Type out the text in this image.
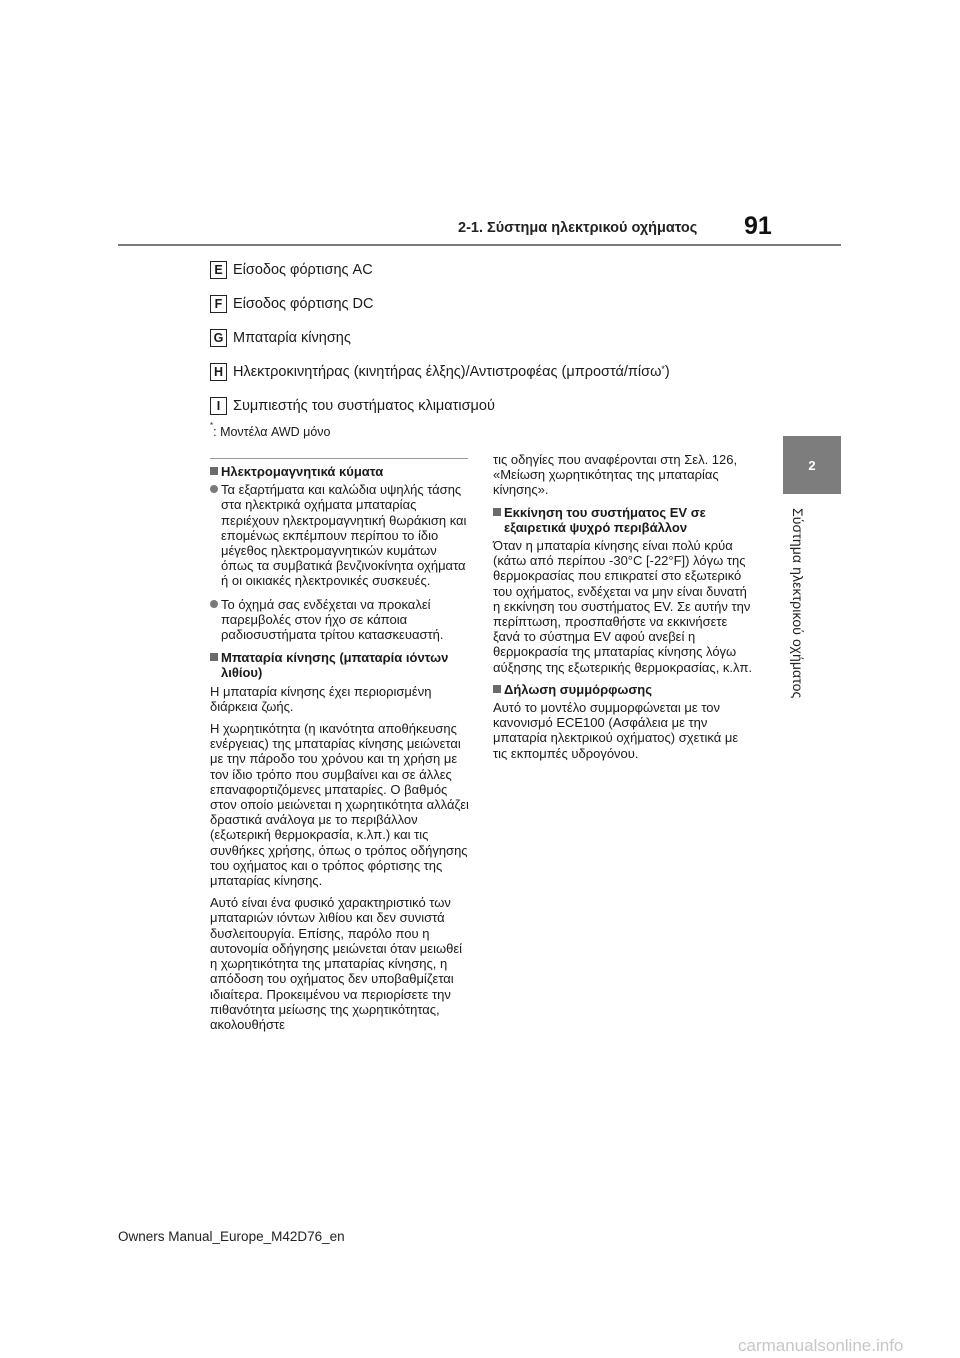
2-1. Σύστημα ηλεκτρικού οχήματος 91
2
Σύστημα ηλεκτρικού οχήματος
E Είσοδος φόρτισης AC
F Είσοδος φόρτισης DC
G Μπαταρία κίνησης
H Ηλεκτροκινητήρας (κινητήρας έλξης)/Αντιστροφέας (μπροστά/πίσω* )
I Συμπιεστής του συστήματος κλιματισμού
*: Μοντέλα AWD μόνο
Ηλεκτρομαγνητικά κύματα
Τα εξαρτήματα και καλώδια υψηλής τάσης στα ηλεκτρικά οχήματα μπαταρίας περιέχουν ηλεκτρομαγνητική θωράκιση και επομένως εκπέμπουν περίπου το ίδιο μέγεθος ηλεκτρομαγνητικών κυμάτων όπως τα συμβατικά βενζινοκίνητα οχήματα ή οι οικιακές ηλεκτρονικές συσκευές.
Το όχημά σας ενδέχεται να προκαλεί παρεμβολές στον ήχο σε κάποια ραδιοσυστήματα τρίτου κατασκευαστή.
Μπαταρία κίνησης (μπαταρία ιόντων λιθίου)
Η μπαταρία κίνησης έχει περιορισμένη διάρκεια ζωής.
Η χωρητικότητα (η ικανότητα αποθήκευσης ενέργειας) της μπαταρίας κίνησης μειώνεται με την πάροδο του χρόνου και τη χρήση με τον ίδιο τρόπο που συμβαίνει και σε άλλες επαναφορτιζόμενες μπαταρίες. Ο βαθμός στον οποίο μειώνεται η χωρητικότητα αλλάζει δραστικά ανάλογα με το περιβάλλον (εξωτερική θερμοκρασία, κ.λπ.) και τις συνθήκες χρήσης, όπως ο τρόπος οδήγησης του οχήματος και ο τρόπος φόρτισης της μπαταρίας κίνησης.
Αυτό είναι ένα φυσικό χαρακτηριστικό των μπαταριών ιόντων λιθίου και δεν συνιστά δυσλειτουργία. Επίσης, παρόλο που η αυτονομία οδήγησης μειώνεται όταν μειωθεί η χωρητικότητα της μπαταρίας κίνησης, η απόδοση του οχήματος δεν υποβαθμίζεται ιδιαίτερα. Προκειμένου να περιορίσετε την πιθανότητα μείωσης της χωρητικότητας, ακολουθήστε
τις οδηγίες που αναφέρονται στη Σελ. 126, «Μείωση χωρητικότητας της μπαταρίας κίνησης».
Εκκίνηση του συστήματος EV σε εξαιρετικά ψυχρό περιβάλλον
Όταν η μπαταρία κίνησης είναι πολύ κρύα (κάτω από περίπου -30°C [-22°F]) λόγω της θερμοκρασίας που επικρατεί στο εξωτερικό του οχήματος, ενδέχεται να μην είναι δυνατή η εκκίνηση του συστήματος EV. Σε αυτήν την περίπτωση, προσπαθήστε να εκκινήσετε ξανά το σύστημα EV αφού ανεβεί η θερμοκρασία της μπαταρίας κίνησης λόγω αύξησης της εξωτερικής θερμοκρασίας, κ.λπ.
Δήλωση συμμόρφωσης
Αυτό το μοντέλο συμμορφώνεται με τον κανονισμό ECE100 (Ασφάλεια με την μπαταρία ηλεκτρικού οχήματος) σχετικά με τις εκπομπές υδρογόνου.
Owners Manual_Europe_M42D76_en
carmanualsonline.info
